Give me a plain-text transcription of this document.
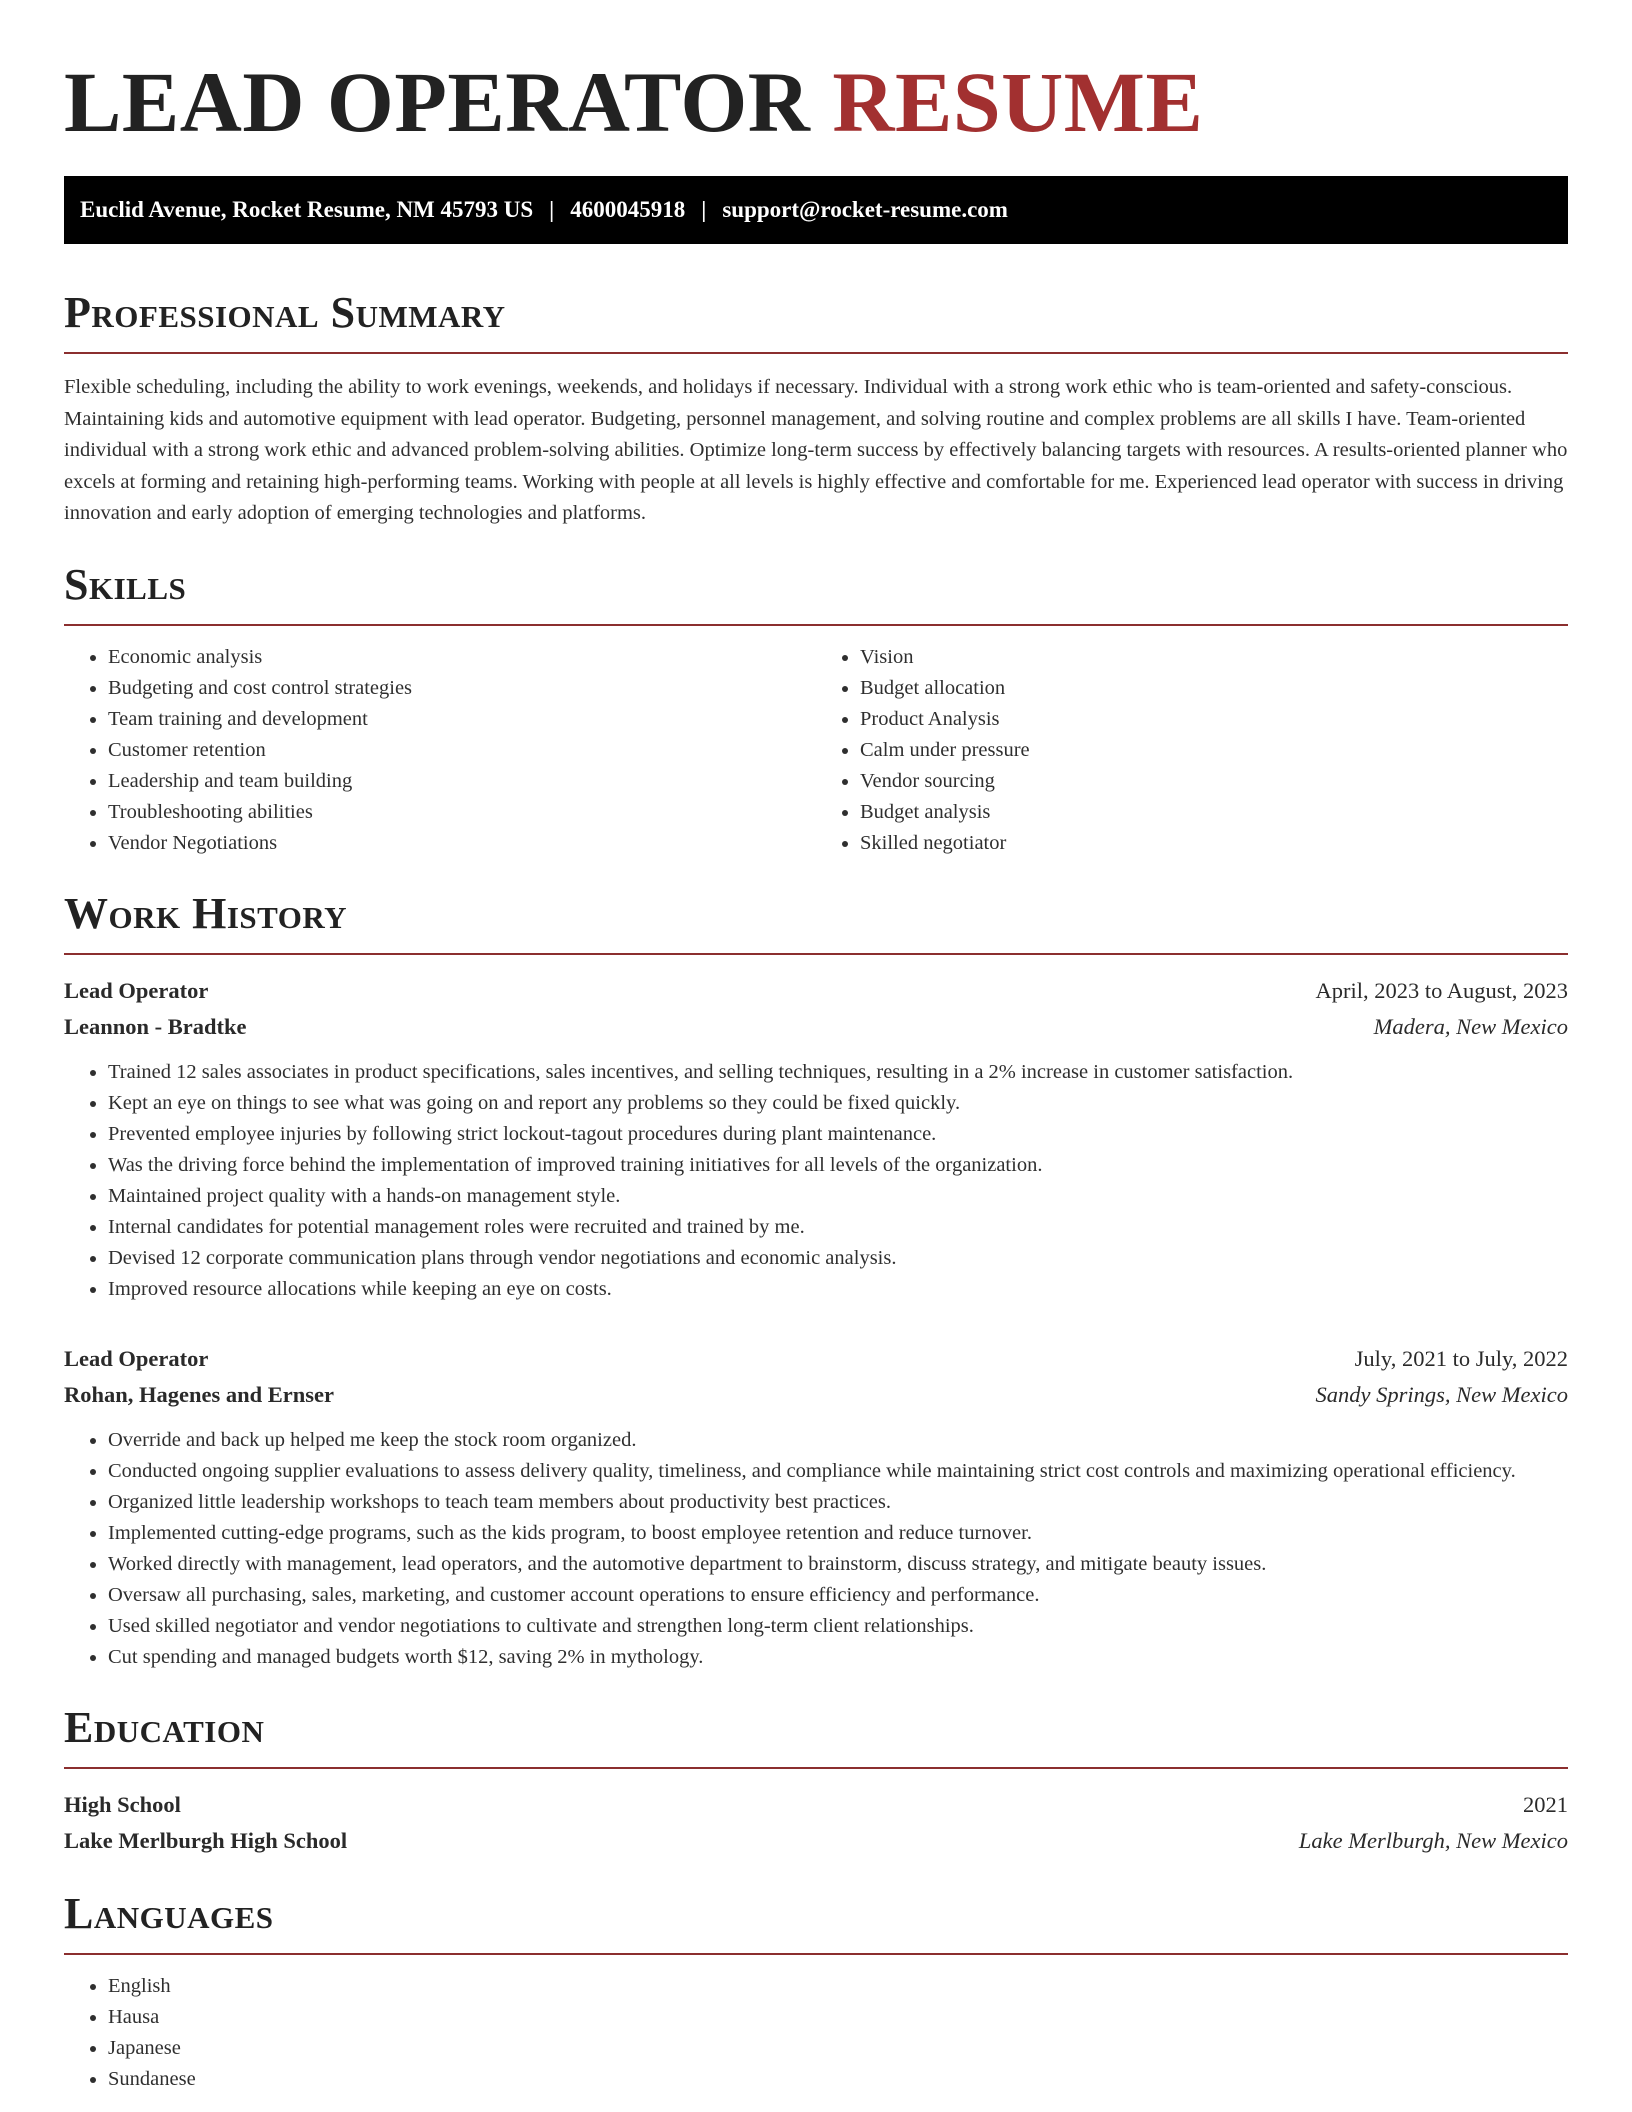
LEAD OPERATOR RESUME
Euclid Avenue, Rocket Resume, NM 45793 US | 4600045918 | support@rocket-resume.com
Professional Summary

Flexible scheduling, including the ability to work evenings, weekends, and holidays if necessary. Individual with a strong work ethic who is team-oriented and safety-conscious. Maintaining kids and automotive equipment with lead operator. Budgeting, personnel management, and solving routine and complex problems are all skills I have. Team-oriented individual with a strong work ethic and advanced problem-solving abilities. Optimize long-term success by effectively balancing targets with resources. A results-oriented planner who excels at forming and retaining high-performing teams. Working with people at all levels is highly effective and comfortable for me. Experienced lead operator with success in driving innovation and early adoption of emerging technologies and platforms.

Skills
• Economic analysis
• Budgeting and cost control strategies
• Team training and development
• Customer retention
• Leadership and team building
• Troubleshooting abilities
• Vendor Negotiations
• Vision
• Budget allocation
• Product Analysis
• Calm under pressure
• Vendor sourcing
• Budget analysis
• Skilled negotiator
Work History
Lead Operator	April, 2023 to August, 2023
Leannon - Bradtke	Madera, New Mexico
• Trained 12 sales associates in product specifications, sales incentives, and selling techniques, resulting in a 2% increase in customer satisfaction.
• Kept an eye on things to see what was going on and report any problems so they could be fixed quickly.
• Prevented employee injuries by following strict lockout-tagout procedures during plant maintenance.
• Was the driving force behind the implementation of improved training initiatives for all levels of the organization.
• Maintained project quality with a hands-on management style.
• Internal candidates for potential management roles were recruited and trained by me.
• Devised 12 corporate communication plans through vendor negotiations and economic analysis.
• Improved resource allocations while keeping an eye on costs.
Lead Operator	July, 2021 to July, 2022
Rohan, Hagenes and Ernser	Sandy Springs, New Mexico
• Override and back up helped me keep the stock room organized.
• Conducted ongoing supplier evaluations to assess delivery quality, timeliness, and compliance while maintaining strict cost controls and maximizing operational efficiency.
• Organized little leadership workshops to teach team members about productivity best practices.
• Implemented cutting-edge programs, such as the kids program, to boost employee retention and reduce turnover.
• Worked directly with management, lead operators, and the automotive department to brainstorm, discuss strategy, and mitigate beauty issues.
• Oversaw all purchasing, sales, marketing, and customer account operations to ensure efficiency and performance.
• Used skilled negotiator and vendor negotiations to cultivate and strengthen long-term client relationships.
• Cut spending and managed budgets worth $12, saving 2% in mythology.
Education
High School	2021
Lake Merlburgh High School	Lake Merlburgh, New Mexico
Languages
• English
• Hausa
• Japanese
• Sundanese
